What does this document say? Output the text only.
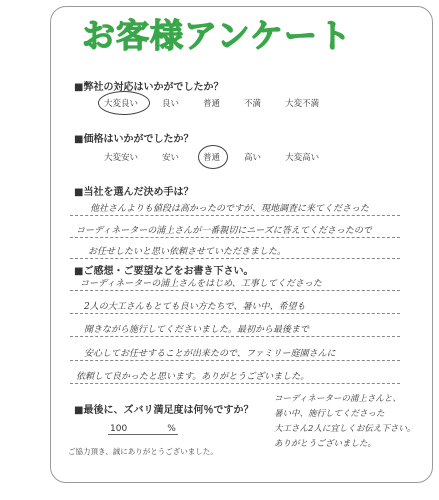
お客様アンケート
■弊社の対応はいかがでしたか？
大変良い	良い	普通	不満	大変不満
■価格はいかがでしたか？
大変安い	安い	普通	高い	大変高い
■当社を選んだ決め手は？
他社さんよりも値段は高かったのですが、現地調査に来てくださった
コーディネーターの浦上さんが一番親切にニーズに答えてくださったので
お任せしたいと思い依頼させていただきました。
■ご感想・ご要望などをお書き下さい。
コーディネーターの浦上さんをはじめ、工事してくださった
2人の大工さんもとても良い方たちで、暑い中、希望も
聞きながら施行してくださいました。最初から最後まで
安心してお任せすることが出来たので、ファミリー庭園さんに
依頼して良かったと思います。ありがとうございました。
■最後に、ズバリ満足度は何％ですか？
100	%
コーディネーターの浦上さんと、
暑い中、施行してくださった
大工さん2人に宜しくお伝え下さい。
ありがとうございました。
ご協力頂き、誠にありがとうございました。
